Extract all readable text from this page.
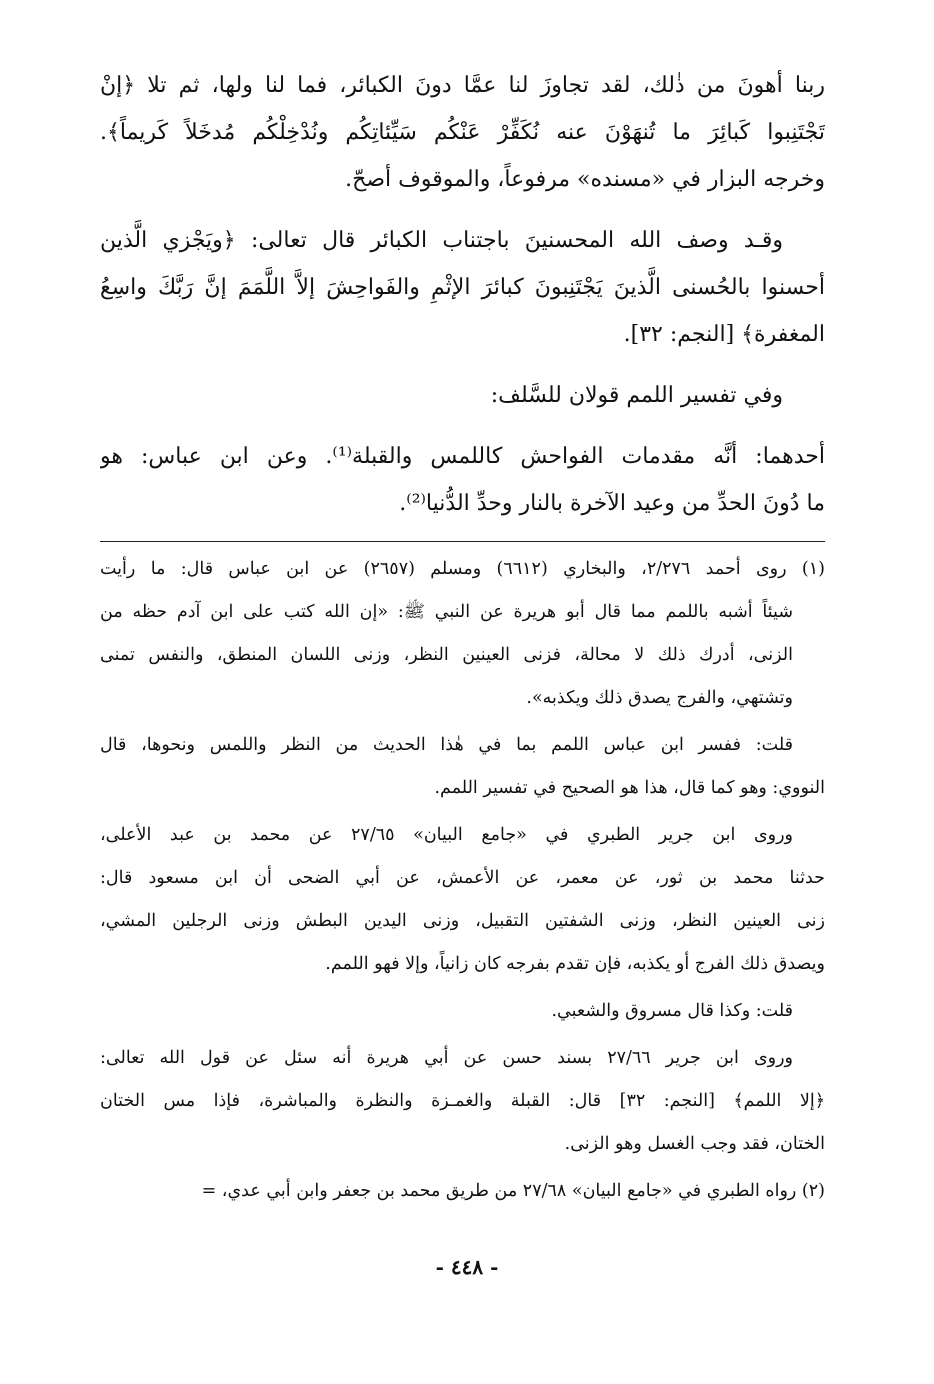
ربنا أهونَ من ذٰلك، لقد تجاوزَ لنا عمَّا دونَ الكبائر، فما لنا ولها، ثم تلا ﴿إنْ
تَجْتَنِبوا كَبائِرَ ما تُنهَوْنَ عنه نُكَفِّرْ عَنْكُم سَيِّئاتِكُم ونُدْخِلْكُم مُدخَلاً كَريماً﴾.
وخرجه البزار في «مسنده» مرفوعاً، والموقوف أصحّ.
وقـد وصف الله المحسنينَ باجتناب الكبائر قال تعالى: ﴿ويَجْزي الَّذين
أحسنوا بالحُسنى الَّذينَ يَجْتَنِبونَ كبائرَ الإثْمِ والفَواحِشَ إلاَّ اللَّمَمَ إنَّ رَبَّكَ واسِعُ
المغفرة﴾ [النجم: ٣٢].
وفي تفسير اللمم قولان للسَّلف:
أحدهما: أنَّه مقدمات الفواحش كاللمس والقبلة⁽¹⁾. وعن ابن عباس: هو
ما دُونَ الحدِّ من وعيد الآخرة بالنار وحدِّ الدُّنيا⁽²⁾.
(١) روى أحمد ٢/٢٧٦، والبخاري (٦٦١٢) ومسلم (٢٦٥٧) عن ابن عباس قال: ما رأيت
شيئاً أشبه باللمم مما قال أبو هريرة عن النبي ﷺ: «إن الله كتب على ابن آدم حظه من
الزنى، أدرك ذلك لا محالة، فزنى العينين النظر، وزنى اللسان المنطق، والنفس تمنى
وتشتهي، والفرج يصدق ذلك ويكذبه».
قلت: ففسر ابن عباس اللمم بما في هٰذا الحديث من النظر واللمس ونحوها، قال
النووي: وهو كما قال، هذا هو الصحيح في تفسير اللمم.
وروى ابن جرير الطبري في «جامع البيان» ٢٧/٦٥ عن محمد بن عبد الأعلى،
حدثنا محمد بن ثور، عن معمر، عن الأعمش، عن أبي الضحى أن ابن مسعود قال:
زنى العينين النظر، وزنى الشفتين التقبيل، وزنى اليدين البطش وزنى الرجلين المشي،
ويصدق ذلك الفرج أو يكذبه، فإن تقدم بفرجه كان زانياً، وإلا فهو اللمم.
قلت: وكذا قال مسروق والشعبي.
وروى ابن جرير ٢٧/٦٦ بسند حسن عن أبي هريرة أنه سئل عن قول الله تعالى:
﴿إلا اللمم﴾ [النجم: ٣٢] قال: القبلة والغمـزة والنظرة والمباشرة، فإذا مس الختان
الختان، فقد وجب الغسل وهو الزنى.
(٢) رواه الطبري في «جامع البيان» ٢٧/٦٨ من طريق محمد بن جعفر وابن أبي عدي، =
- ٤٤٨ -
